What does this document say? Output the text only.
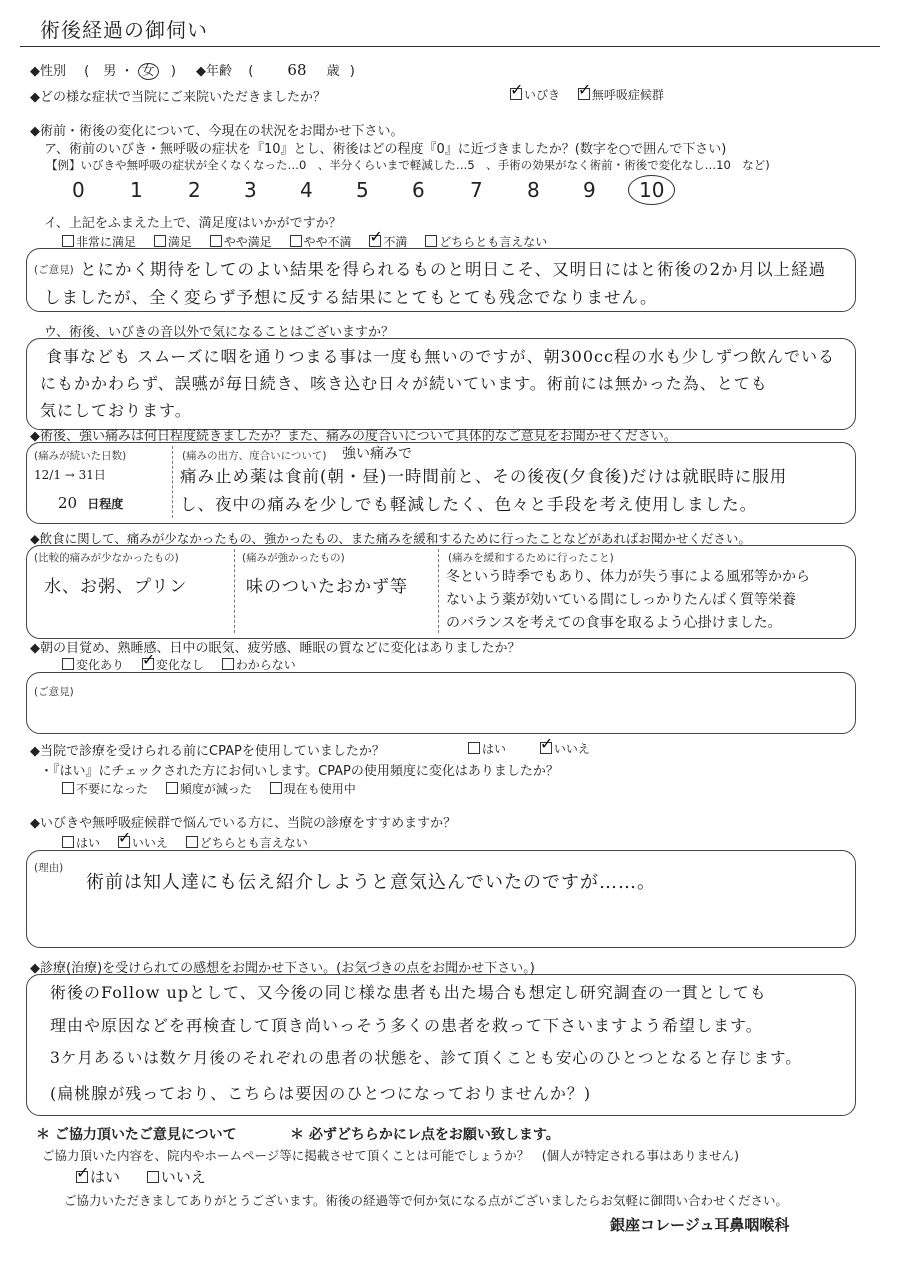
術後経過の御伺い
◆性別 ( 男 ・ 女 ) ◆年齢 ( 68 歳 )
◆どの様な症状で当院にご来院いただきましたか？ ✓	いびき ✓	無呼吸症候群
◆術前・術後の変化について、今現在の状況をお聞かせ下さい。
ア、術前のいびき・無呼吸の症状を『10』とし、術後はどの程度『0』に近づきましたか？(数字を○で囲んで下さい)
【例】いびきや無呼吸の症状が全くなくなった…0　、半分くらいまで軽減した…5　、手術の効果がなく術前・術後で変化なし…10　など)
0 1 2 3 4 5 6 7 8 9	10
イ、上記をふまえた上で、満足度はいかがですか？
非常に満足	満足	やや満足	やや不満 ✓	不満	どちらとも言えない
(ご意見) とにかく期待をしてのよい結果を得られるものと明日こそ、又明日にはと術後の2か月以上経過
しましたが、全く変らず予想に反する結果にとてもとても残念でなりません。
ウ、術後、いびきの音以外で気になることはございますか？
食事なども スムーズに咽を通りつまる事は一度も無いのですが、朝300cc程の水も少しずつ飲んでいる
にもかかわらず、誤嚥が毎日続き、咳き込む日々が続いています。術前には無かった為、とても
気にしております。
◆術後、強い痛みは何日程度続きましたか？また、痛みの度合いについて具体的なご意見をお聞かせください。
(痛みが続いた日数)
12/1 → 31日
20 日程度
(痛みの出方、度合いについて) 強い痛みで
痛み止め薬は食前(朝・昼)一時間前と、その後夜(夕食後)だけは就眠時に服用
し、夜中の痛みを少しでも軽減したく、色々と手段を考え使用しました。
◆飲食に関して、痛みが少なかったもの、強かったもの、また痛みを緩和するために行ったことなどがあればお聞かせください。
(比較的痛みが少なかったもの)
水、お粥、プリン
(痛みが強かったもの)
味のついたおかず等
(痛みを緩和するために行ったこと)
冬という時季でもあり、体力が失う事による風邪等かから
ないよう薬が効いている間にしっかりたんぱく質等栄養
のバランスを考えての食事を取るよう心掛けました。
◆朝の目覚め、熟睡感、日中の眠気、疲労感、睡眠の質などに変化はありましたか？
変化あり ✓	変化なし	わからない
(ご意見)
◆当院で診療を受けられる前にCPAPを使用していましたか？	はい ✓	いいえ
・『はい』にチェックされた方にお伺いします。CPAPの使用頻度に変化はありましたか？
不要になった	頻度が減った	現在も使用中
◆いびきや無呼吸症候群で悩んでいる方に、当院の診療をすすめますか？
はい ✓	いいえ	どちらとも言えない
(理由)
術前は知人達にも伝え紹介しようと意気込んでいたのですが……。
◆診療(治療)を受けられての感想をお聞かせ下さい。(お気づきの点をお聞かせ下さい。)
術後のFollow upとして、又今後の同じ様な患者も出た場合も想定し研究調査の一貫としても
理由や原因などを再検査して頂き尚いっそう多くの患者を救って下さいますよう希望します。
3ケ月あるいは数ケ月後のそれぞれの患者の状態を、診て頂くことも安心のひとつとなると存じます。
(扁桃腺が残っており、こちらは要因のひとつになっておりませんか？)
＊ ご協力頂いたご意見について	＊ 必ずどちらかにレ点をお願い致します。
ご協力頂いた内容を、院内やホームページ等に掲載させて頂くことは可能でしょうか？　(個人が特定される事はありません)
✓はい	いいえ
ご協力いただきましてありがとうございます。術後の経過等で何か気になる点がございましたらお気軽に御問い合わせください。
銀座コレージュ耳鼻咽喉科
